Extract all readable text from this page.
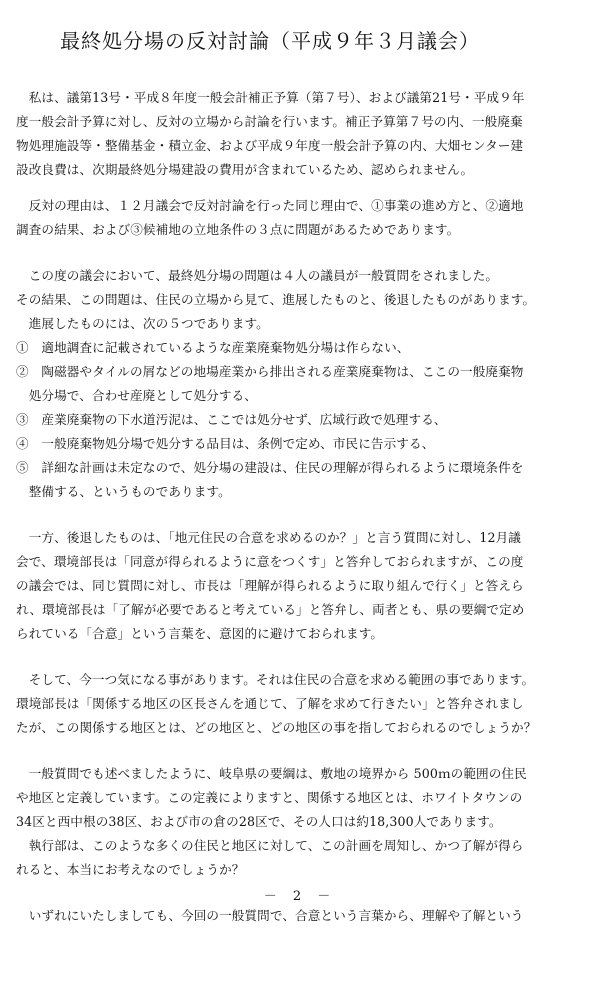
最終処分場の反対討論（平成９年３月議会）
　私は、議第13号・平成８年度一般会計補正予算（第７号）、および議第21号・平成９年
度一般会計予算に対し、反対の立場から討論を行います。補正予算第７号の内、一般廃棄
物処理施設等・整備基金・積立金、および平成９年度一般会計予算の内、大畑センター建
設改良費は、次期最終処分場建設の費用が含まれているため、認められません。
　反対の理由は、１２月議会で反対討論を行った同じ理由で、①事業の進め方と、②適地
調査の結果、および③候補地の立地条件の３点に問題があるためであります。
　この度の議会において、最終処分場の問題は４人の議員が一般質問をされました。
その結果、この問題は、住民の立場から見て、進展したものと、後退したものがあります。
　進展したものには、次の５つであります。
①　適地調査に記載されているような産業廃棄物処分場は作らない、
②　陶磁器やタイルの屑などの地場産業から排出される産業廃棄物は、ここの一般廃棄物
　処分場で、合わせ産廃として処分する、
③　産業廃棄物の下水道汚泥は、ここでは処分せず、広域行政で処理する、
④　一般廃棄物処分場で処分する品目は、条例で定め、市民に告示する、
⑤　詳細な計画は未定なので、処分場の建設は、住民の理解が得られるように環境条件を
　整備する、というものであります。
　一方、後退したものは、「地元住民の合意を求めるのか？」と言う質問に対し、12月議
会で、環境部長は「同意が得られるように意をつくす」と答弁しておられますが、この度
の議会では、同じ質問に対し、市長は「理解が得られるように取り組んで行く」と答えら
れ、環境部長は「了解が必要であると考えている」と答弁し、両者とも、県の要綱で定め
られている「合意」という言葉を、意図的に避けておられます。
　そして、今一つ気になる事があります。それは住民の合意を求める範囲の事であります。
環境部長は「関係する地区の区長さんを通じて、了解を求めて行きたい」と答弁されまし
たが、この関係する地区とは、どの地区と、どの地区の事を指しておられるのでしょうか？
　一般質問でも述べましたように、岐阜県の要綱は、敷地の境界から 500ｍの範囲の住民
や地区と定義しています。この定義によりますと、関係する地区とは、ホワイトタウンの
34区と西中根の38区、および市の倉の28区で、その人口は約18,300人であります。
　執行部は、このような多くの住民と地区に対して、この計画を周知し、かつ了解が得ら
れると、本当にお考えなのでしょうか？
　いずれにいたしましても、今回の一般質問で、合意という言葉から、理解や了解という
－ 2 －
